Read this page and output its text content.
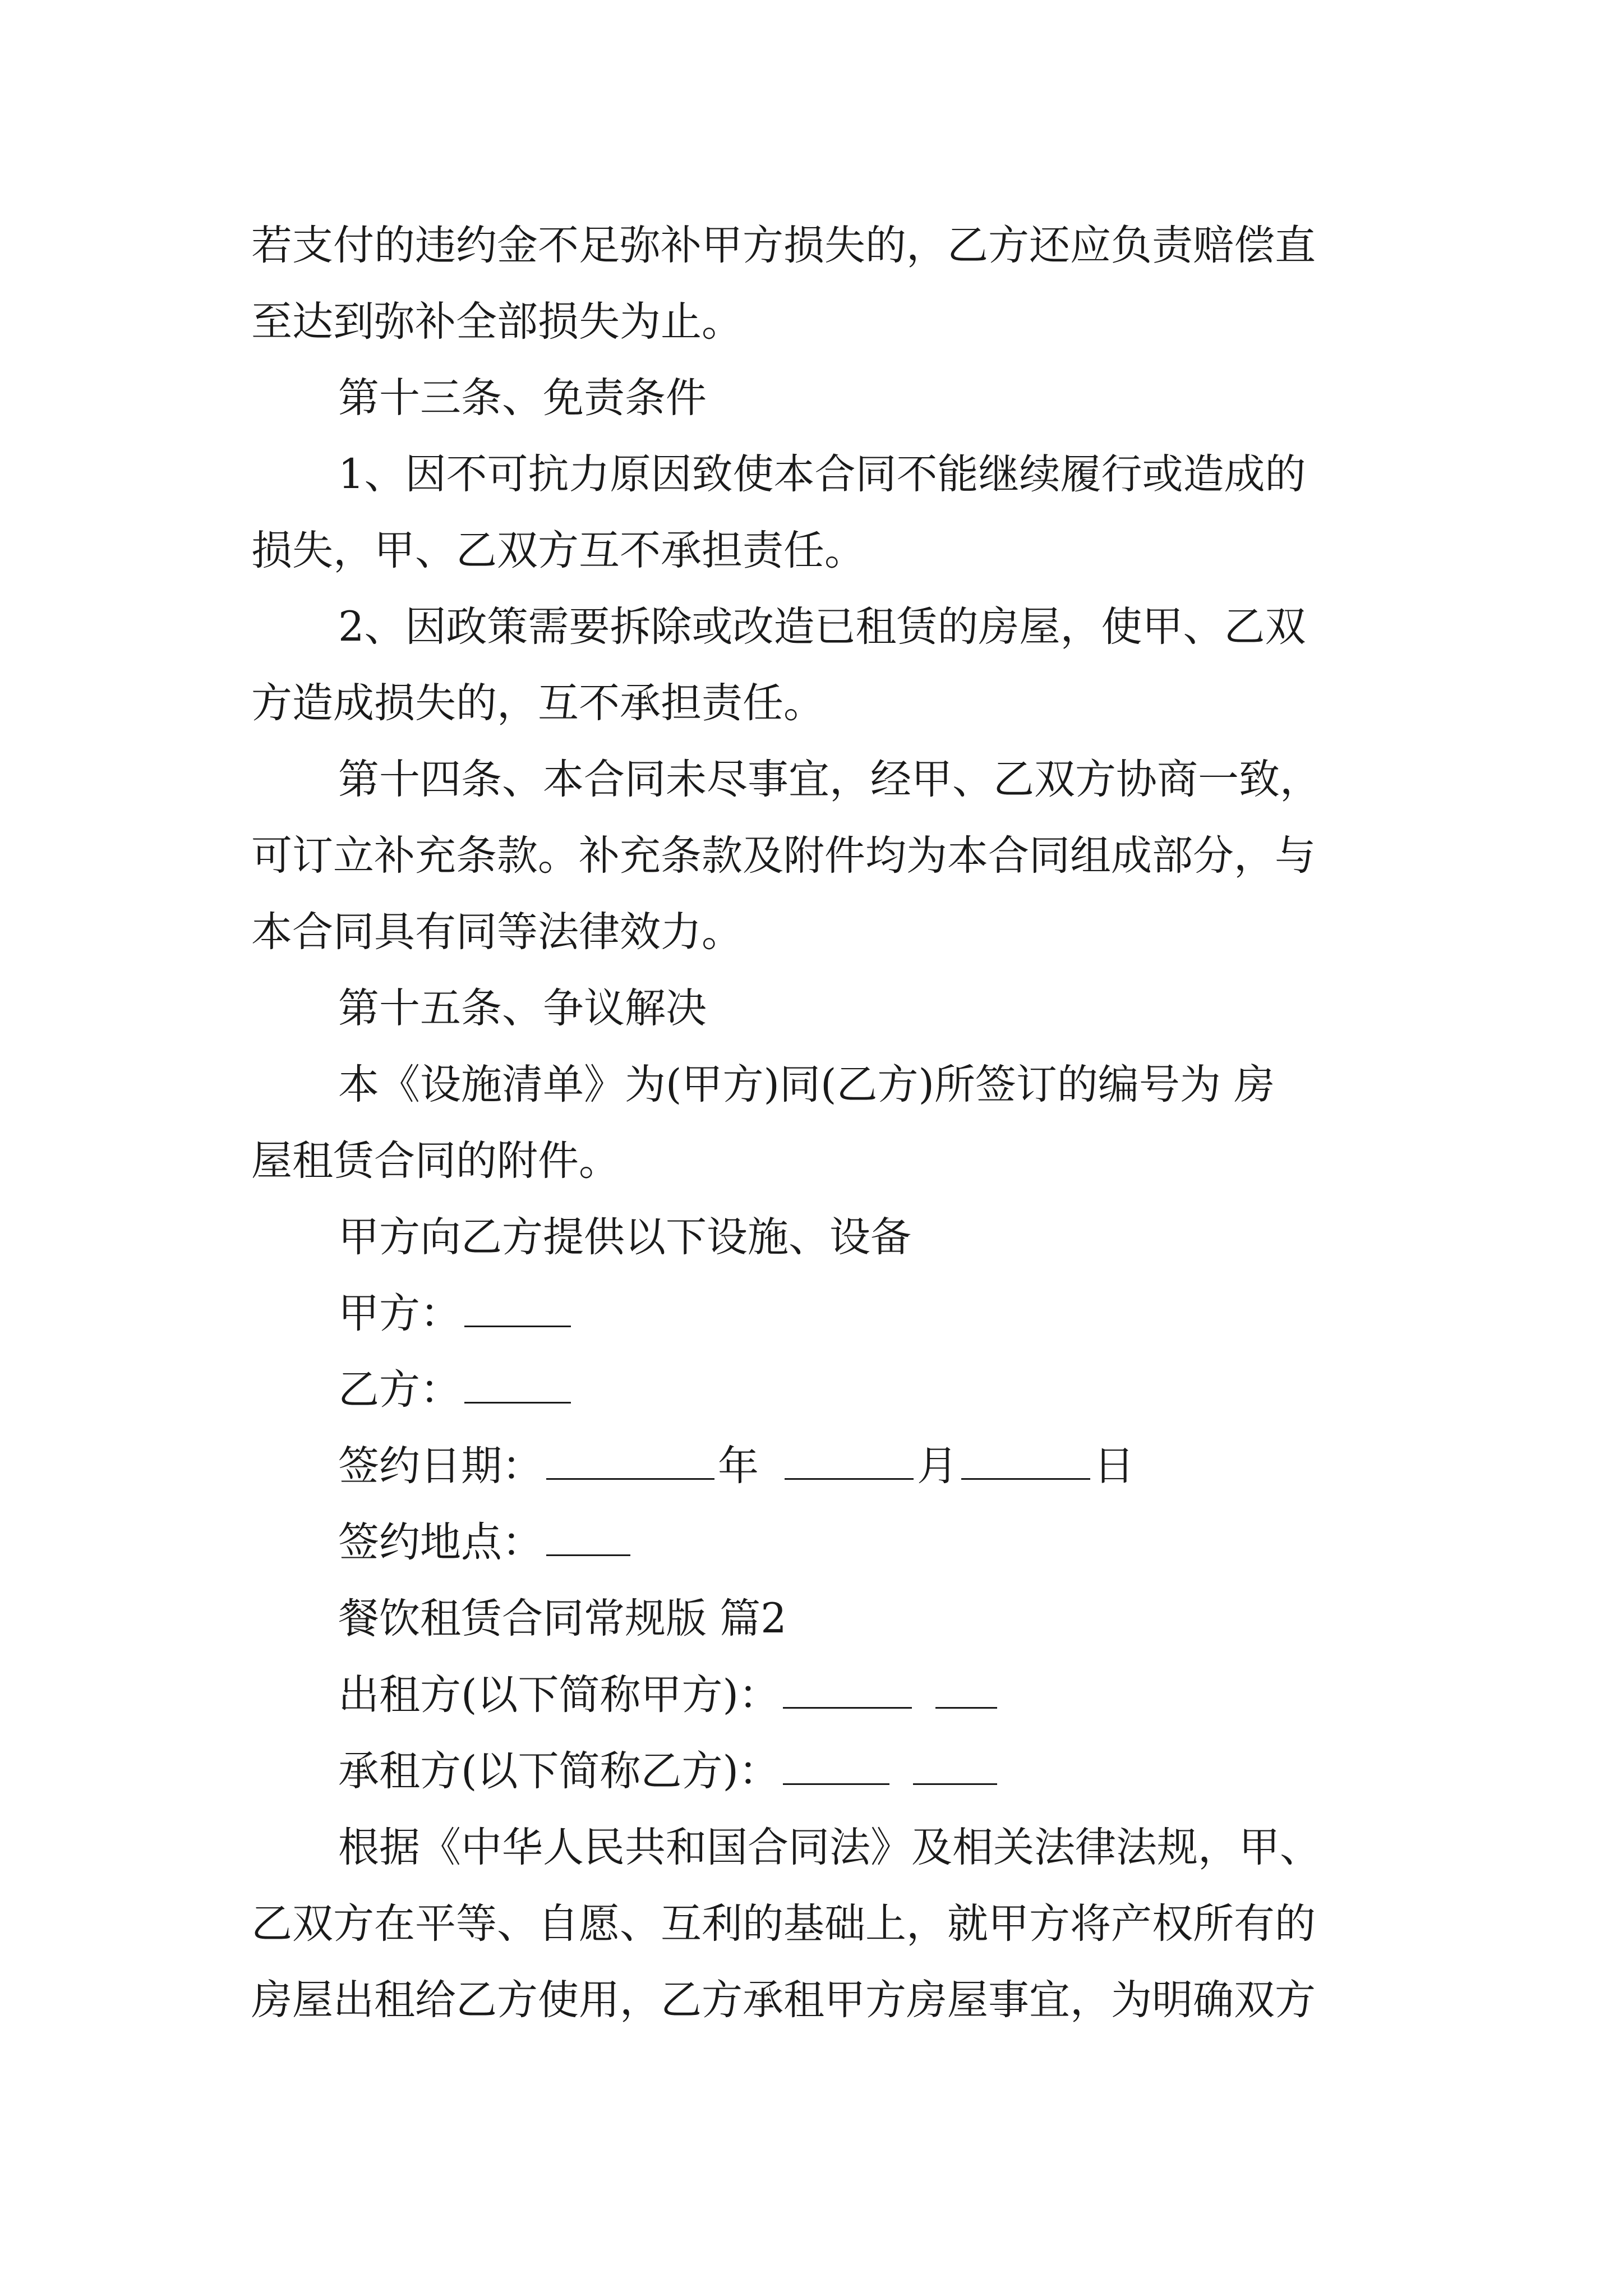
若支付的违约金不足弥补甲方损失的，乙方还应负责赔偿直

至达到弥补全部损失为止。

第十三条、免责条件

1、因不可抗力原因致使本合同不能继续履行或造成的

损失，甲、乙双方互不承担责任。

2、因政策需要拆除或改造已租赁的房屋，使甲、乙双

方造成损失的，互不承担责任。

第十四条、本合同未尽事宜，经甲、乙双方协商一致，

可订立补充条款。补充条款及附件均为本合同组成部分，与

本合同具有同等法律效力。

第十五条、争议解决

本《设施清单》为(甲方)同(乙方)所签订的编号为 房

屋租赁合同的附件。

甲方向乙方提供以下设施、设备

甲方：

乙方：

签约日期：	年	月	日

签约地点：

餐饮租赁合同常规版 篇2

出租方(以下简称甲方)：

承租方(以下简称乙方)：

根据《中华人民共和国合同法》及相关法律法规，甲、

乙双方在平等、自愿、互利的基础上，就甲方将产权所有的

房屋出租给乙方使用，乙方承租甲方房屋事宜，为明确双方
